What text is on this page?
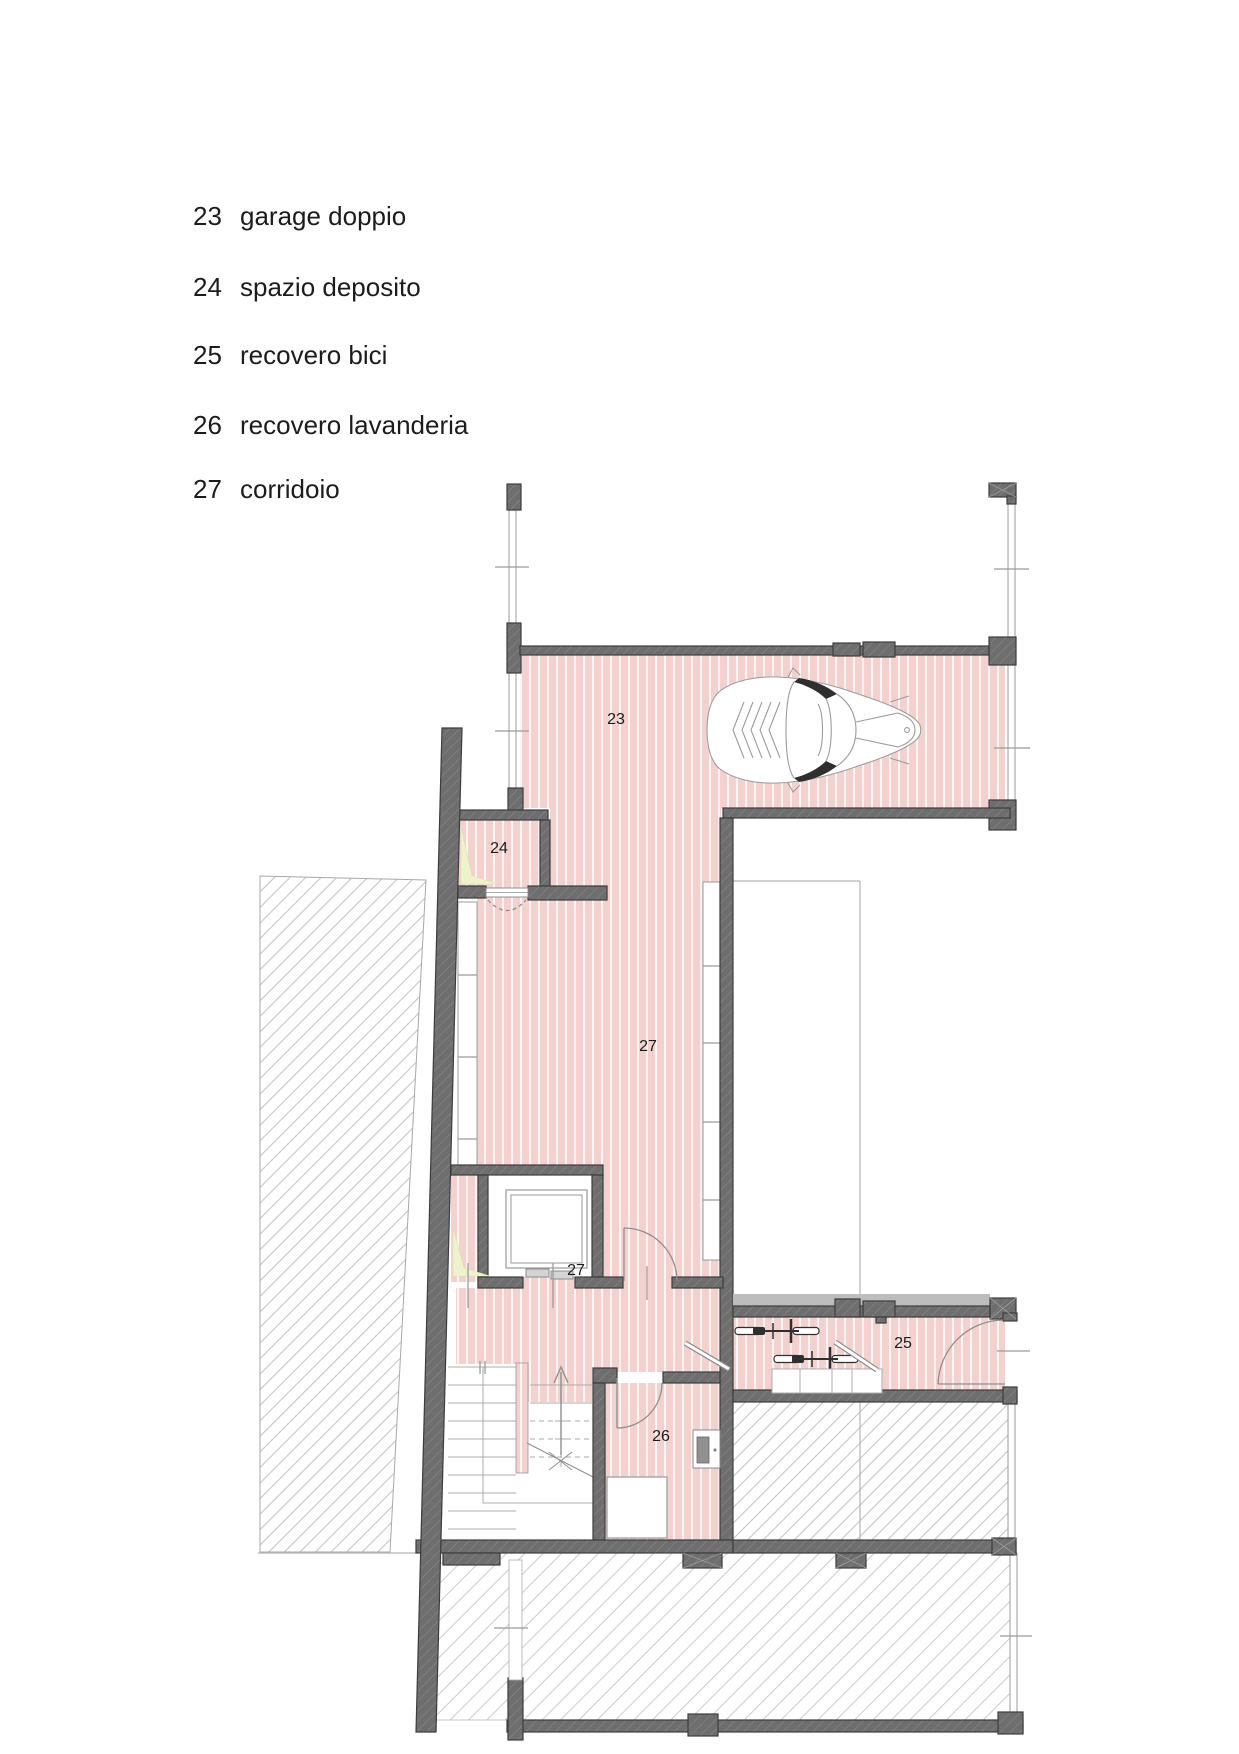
23 garage doppio
24 spazio deposito
25 recovero bici
26 recovero lavanderia
27 corridoio
23
24
27
27
25
26
